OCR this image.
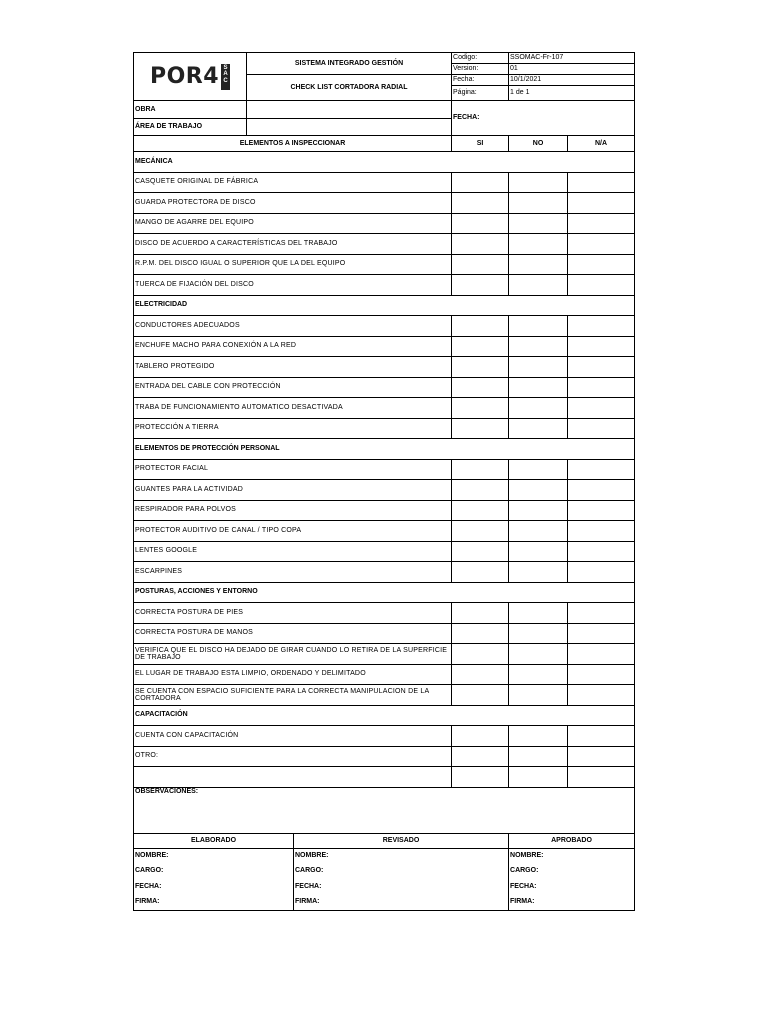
POR4 S
A
C	SISTEMA INTEGRADO GESTIÓN		Codigo:	SSOMAC-Fr-107	
			Version:	01	
	CHECK LIST CORTADORA RADIAL		Fecha:	10/1/2021	
			Página:	1 de 1	
OBRA			FECHA:		
ÁREA DE TRABAJO					
ELEMENTOS A INSPECCIONAR			SI	NO	N/A
MECÁNICA					
CASQUETE ORIGINAL DE FÁBRICA					
GUARDA PROTECTORA DE DISCO					
MANGO DE AGARRE DEL EQUIPO					
DISCO DE ACUERDO A CARACTERÍSTICAS DEL TRABAJO					
R.P.M. DEL DISCO IGUAL O SUPERIOR QUE LA DEL EQUIPO					
TUERCA DE FIJACIÓN DEL DISCO					
ELECTRICIDAD					
CONDUCTORES ADECUADOS					
ENCHUFE MACHO PARA CONEXIÓN A LA RED					
TABLERO PROTEGIDO					
ENTRADA DEL CABLE CON PROTECCIÓN					
TRABA DE FUNCIONAMIENTO AUTOMATICO DESACTIVADA					
PROTECCIÓN A TIERRA					
ELEMENTOS DE PROTECCIÓN PERSONAL					
PROTECTOR FACIAL					
GUANTES PARA LA ACTIVIDAD					
RESPIRADOR PARA POLVOS					
PROTECTOR AUDITIVO DE CANAL / TIPO COPA					
LENTES GOOGLE					
ESCARPINES					
POSTURAS, ACCIONES Y ENTORNO					
CORRECTA POSTURA DE PIES					
CORRECTA POSTURA DE MANOS					
VERIFICA QUE EL DISCO HA DEJADO DE GIRAR CUANDO LO RETIRA DE LA SUPERFICIE DE TRABAJO					
EL LUGAR DE TRABAJO ESTA LIMPIO, ORDENADO Y DELIMITADO					
SE CUENTA CON ESPACIO SUFICIENTE PARA LA CORRECTA MANIPULACION DE LA CORTADORA					
CAPACITACIÓN					
CUENTA CON CAPACITACIÓN					
OTRO:					

OBSERVACIONES:					
ELABORADO		REVISADO		APROBADO	
NOMBRE:		NOMBRE:		NOMBRE:	
CARGO:		CARGO:		CARGO:	
FECHA:		FECHA:		FECHA:	
FIRMA:		FIRMA:		FIRMA:	
